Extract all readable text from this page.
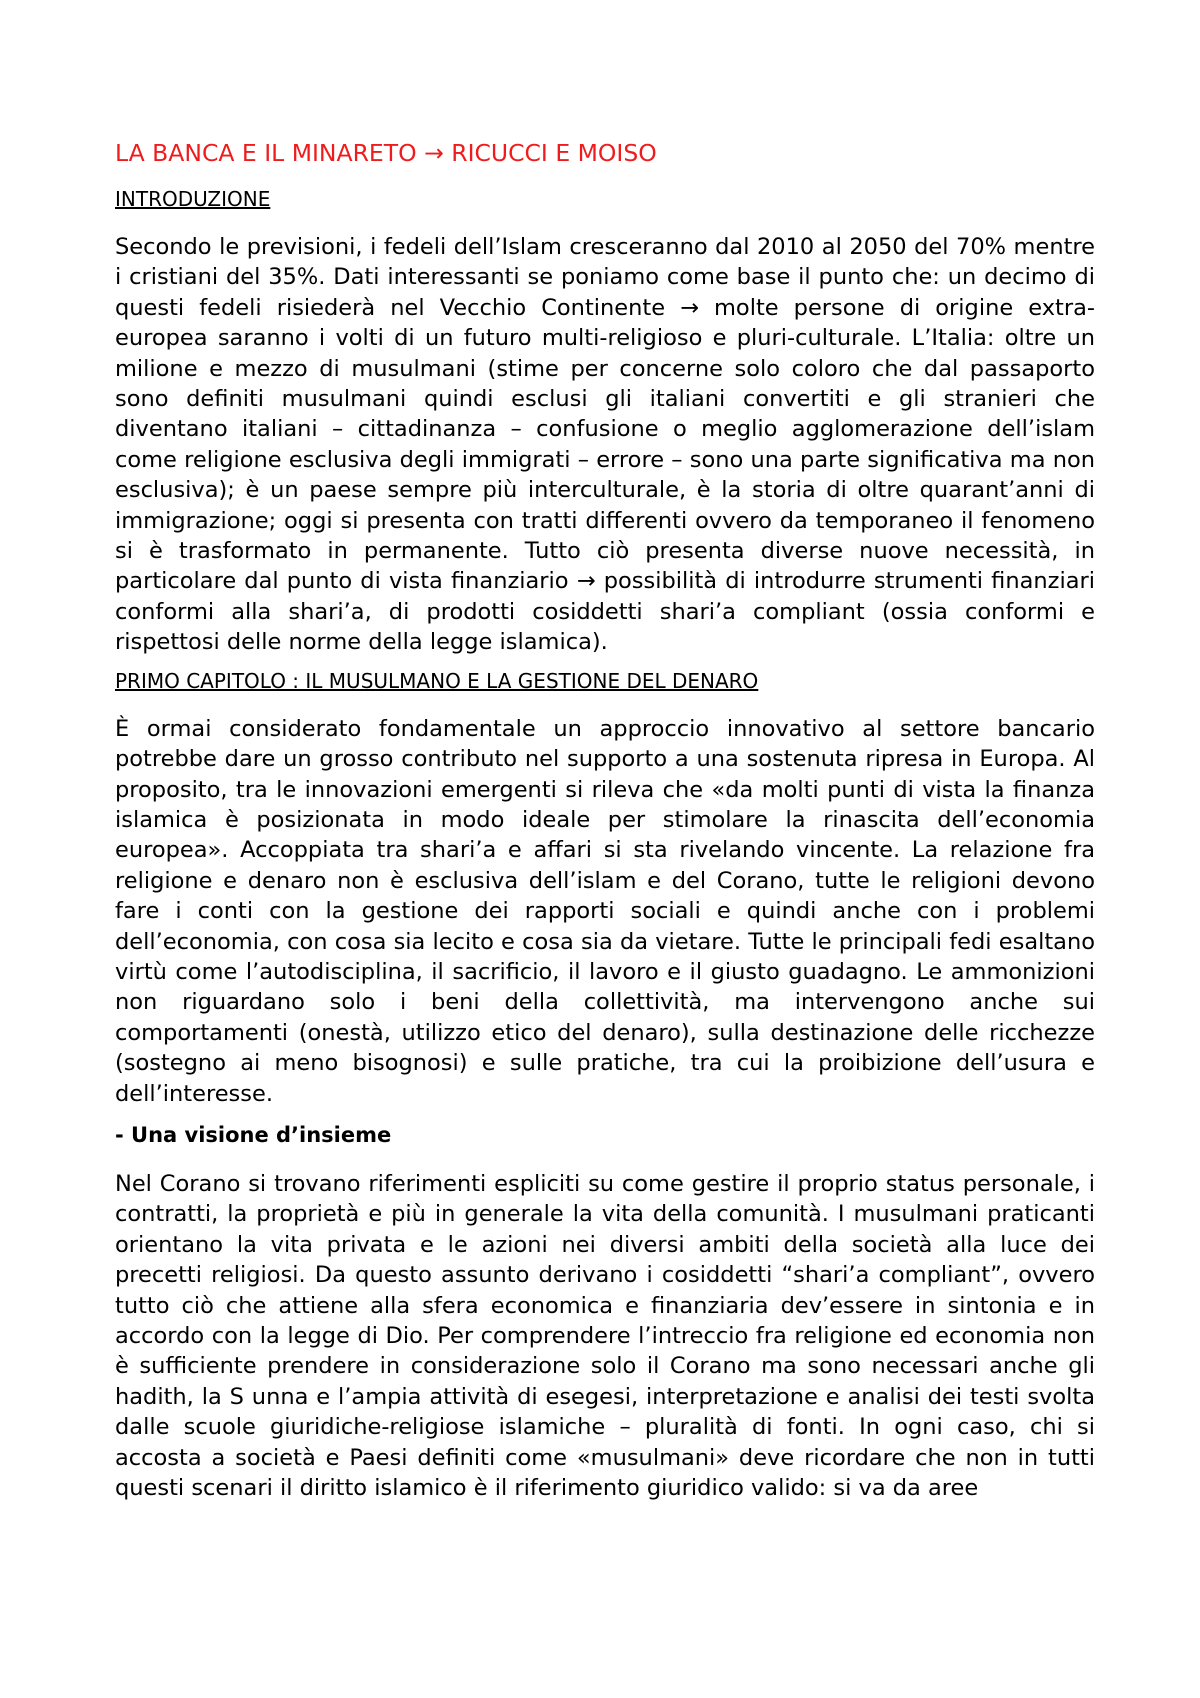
LA BANCA E IL MINARETO → RICUCCI E MOISO
INTRODUZIONE

Secondo le previsioni, i fedeli dell’Islam cresceranno dal 2010 al 2050 del 70% mentre i cristiani del 35%. Dati interessanti se poniamo come base il punto che: un decimo di questi fedeli risiederà nel Vecchio Continente → molte persone di origine extra-europea saranno i volti di un futuro multi-religioso e pluri-culturale. L’Italia: oltre un milione e mezzo di musulmani (stime per concerne solo coloro che dal passaporto sono definiti musulmani quindi esclusi gli italiani convertiti e gli stranieri che diventano italiani – cittadinanza – confusione o meglio agglomerazione dell’islam come religione esclusiva degli immigrati – errore – sono una parte significativa ma non esclusiva); è un paese sempre più interculturale, è la storia di oltre quarant’anni di immigrazione; oggi si presenta con tratti differenti ovvero da temporaneo il fenomeno si è trasformato in permanente. Tutto ciò presenta diverse nuove necessità, in particolare dal punto di vista finanziario → possibilità di introdurre strumenti finanziari conformi alla shari’a, di prodotti cosiddetti shari’a compliant (ossia conformi e rispettosi delle norme della legge islamica).

PRIMO CAPITOLO : IL MUSULMANO E LA GESTIONE DEL DENARO

È ormai considerato fondamentale un approccio innovativo al settore bancario potrebbe dare un grosso contributo nel supporto a una sostenuta ripresa in Europa. Al proposito, tra le innovazioni emergenti si rileva che «da molti punti di vista la finanza islamica è posizionata in modo ideale per stimolare la rinascita dell’economia europea». Accoppiata tra shari’a e affari si sta rivelando vincente. La relazione fra religione e denaro non è esclusiva dell’islam e del Corano, tutte le religioni devono fare i conti con la gestione dei rapporti sociali e quindi anche con i problemi dell’economia, con cosa sia lecito e cosa sia da vietare. Tutte le principali fedi esaltano virtù come l’autodisciplina, il sacrificio, il lavoro e il giusto guadagno. Le ammonizioni non riguardano solo i beni della collettività, ma intervengono anche sui comportamenti (onestà, utilizzo etico del denaro), sulla destinazione delle ricchezze (sostegno ai meno bisognosi) e sulle pratiche, tra cui la proibizione dell’usura e dell’interesse.

- Una visione d’insieme

Nel Corano si trovano riferimenti espliciti su come gestire il proprio status personale, i contratti, la proprietà e più in generale la vita della comunità. I musulmani praticanti orientano la vita privata e le azioni nei diversi ambiti della società alla luce dei precetti religiosi. Da questo assunto derivano i cosiddetti “shari’a compliant”, ovvero tutto ciò che attiene alla sfera economica e finanziaria dev’essere in sintonia e in accordo con la legge di Dio. Per comprendere l’intreccio fra religione ed economia non è sufficiente prendere in considerazione solo il Corano ma sono necessari anche gli hadith, la S unna e l’ampia attività di esegesi, interpretazione e analisi dei testi svolta dalle scuole giuridiche-religiose islamiche – pluralità di fonti. In ogni caso, chi si accosta a società e Paesi definiti come «musulmani» deve ricordare che non in tutti questi scenari il diritto islamico è il riferimento giuridico valido: si va da aree
